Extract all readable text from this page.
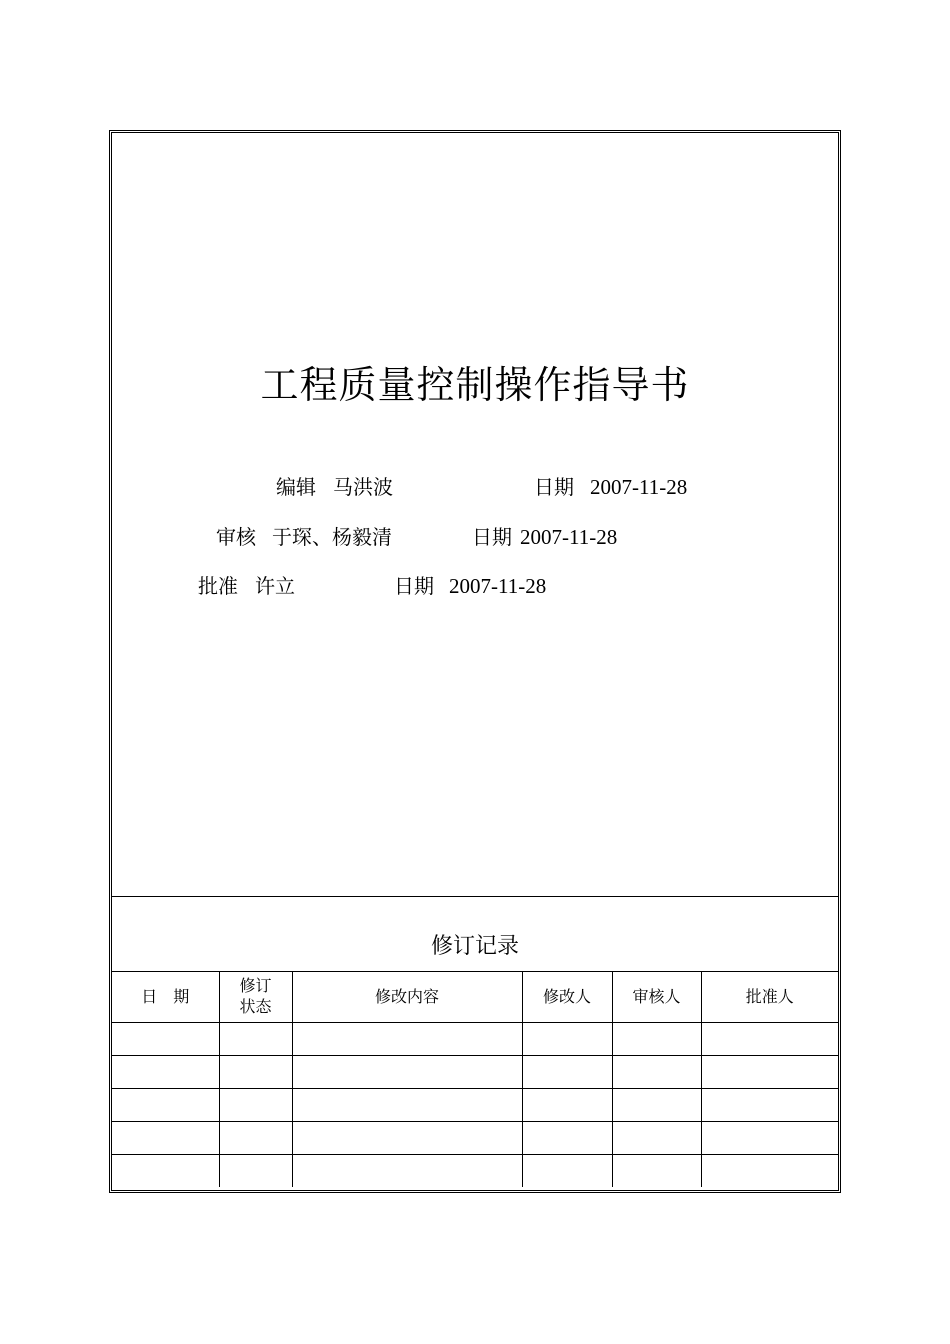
工程质量控制操作指导书
编辑 马洪波	日期 2007-11-28
审核 于琛、杨毅清	日期 2007-11-28
批准 许立	日期 2007-11-28
修订记录
日　期	修订状态	修改内容	修改人	审核人	批准人
